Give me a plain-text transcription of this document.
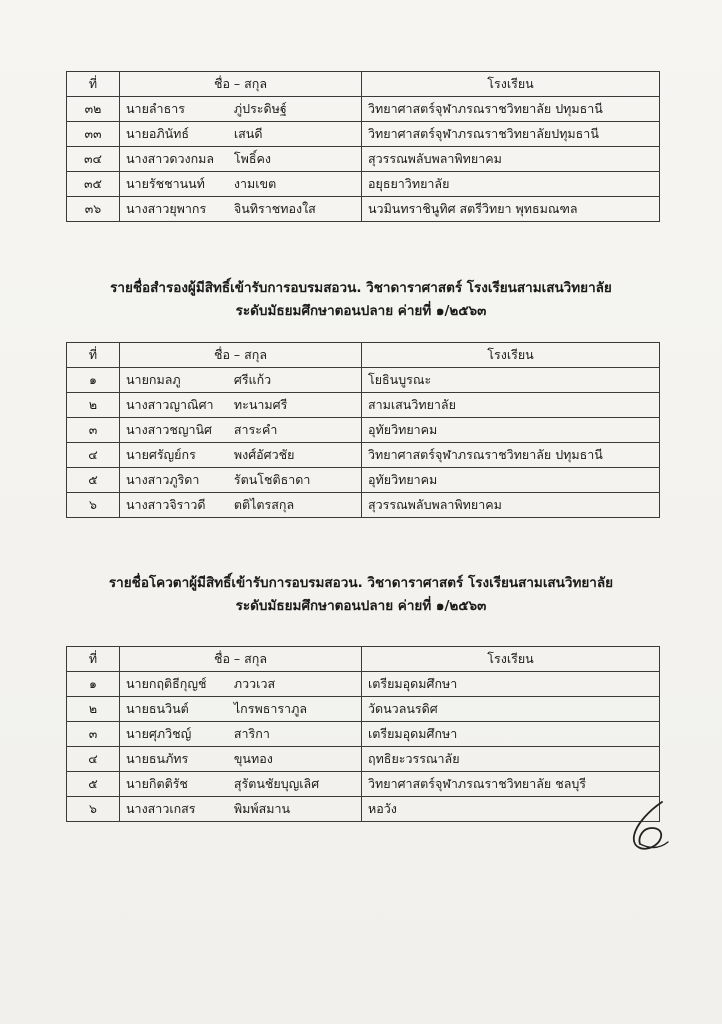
ที่	ชื่อ – สกุล		โรงเรียน
๓๒	นายลำธาร	ภู่ประดิษฐ์	วิทยาศาสตร์จุฬาภรณราชวิทยาลัย ปทุมธานี
๓๓	นายอภินัทธ์	เสนดี	วิทยาศาสตร์จุฬาภรณราชวิทยาลัยปทุมธานี
๓๔	นางสาวดวงกมล	โพธิ์คง	สุวรรณพลับพลาพิทยาคม
๓๕	นายรัชชานนท์	งามเขต	อยุธยาวิทยาลัย
๓๖	นางสาวยุพากร	จินทิราชทองใส	นวมินทราชินูทิศ สตรีวิทยา พุทธมณฑล
รายชื่อสำรองผู้มีสิทธิ์เข้ารับการอบรมสอวน. วิชาดาราศาสตร์ โรงเรียนสามเสนวิทยาลัย
ระดับมัธยมศึกษาตอนปลาย ค่ายที่ ๑/๒๕๖๓
ที่	ชื่อ – สกุล		โรงเรียน
๑	นายกมลภู	ศรีแก้ว	โยธินบูรณะ
๒	นางสาวญาณิศา	ทะนามศรี	สามเสนวิทยาลัย
๓	นางสาวชญานิศ	สาระคำ	อุทัยวิทยาคม
๔	นายศรัญย์กร	พงศ์อัศวชัย	วิทยาศาสตร์จุฬาภรณราชวิทยาลัย ปทุมธานี
๕	นางสาวภูริดา	รัตนโชติธาดา	อุทัยวิทยาคม
๖	นางสาวจิราวดี	ตติไตรสกุล	สุวรรณพลับพลาพิทยาคม
รายชื่อโควตาผู้มีสิทธิ์เข้ารับการอบรมสอวน. วิชาดาราศาสตร์ โรงเรียนสามเสนวิทยาลัย
ระดับมัธยมศึกษาตอนปลาย ค่ายที่ ๑/๒๕๖๓
ที่	ชื่อ – สกุล		โรงเรียน
๑	นายกฤติธีกุญช์	ภววเวส	เตรียมอุดมศึกษา
๒	นายธนวินต์	ไกรพธาราภูล	วัดนวลนรดิศ
๓	นายศุภวิชญ์	สาริกา	เตรียมอุดมศึกษา
๔	นายธนภัทร	ขุนทอง	ฤทธิยะวรรณาลัย
๕	นายกิตติรัช	สุรัตนชัยบุญเลิศ	วิทยาศาสตร์จุฬาภรณราชวิทยาลัย ชลบุรี
๖	นางสาวเกสร	พิมพ์สมาน	หอวัง
